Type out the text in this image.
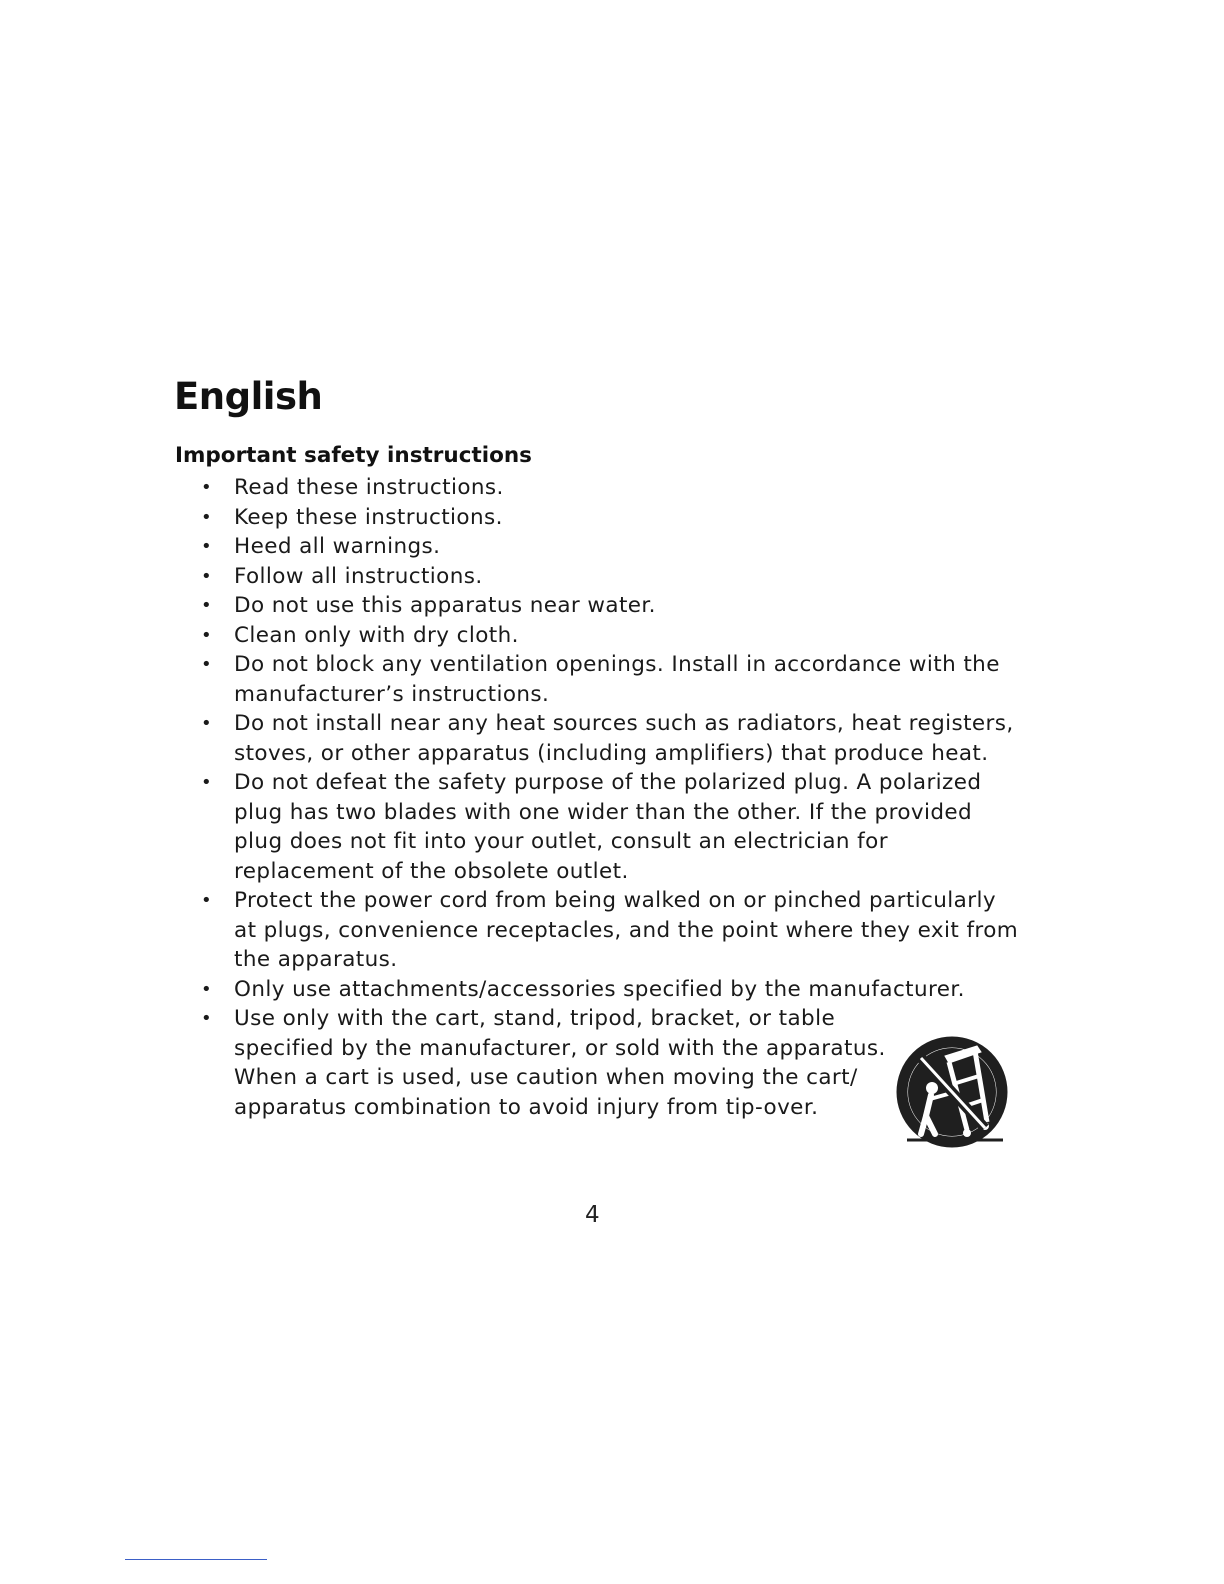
English
Important safety instructions
• Read these instructions.
• Keep these instructions.
• Heed all warnings.
• Follow all instructions.
• Do not use this apparatus near water.
• Clean only with dry cloth.
• Do not block any ventilation openings. Install in accordance with the manufacturer’s instructions.
• Do not install near any heat sources such as radiators, heat registers, stoves, or other apparatus (including amplifiers) that produce heat.
• Do not defeat the safety purpose of the polarized plug. A polarized plug has two blades with one wider than the other. If the provided plug does not fit into your outlet, consult an electrician for replacement of the obsolete outlet.
• Protect the power cord from being walked on or pinched particularly at plugs, convenience receptacles, and the point where they exit from the apparatus.
• Only use attachments/accessories specified by the manufacturer.
• Use only with the cart, stand, tripod, bracket, or table specified by the manufacturer, or sold with the apparatus. When a cart is used, use caution when moving the cart/ apparatus combination to avoid injury from tip-over.

4
